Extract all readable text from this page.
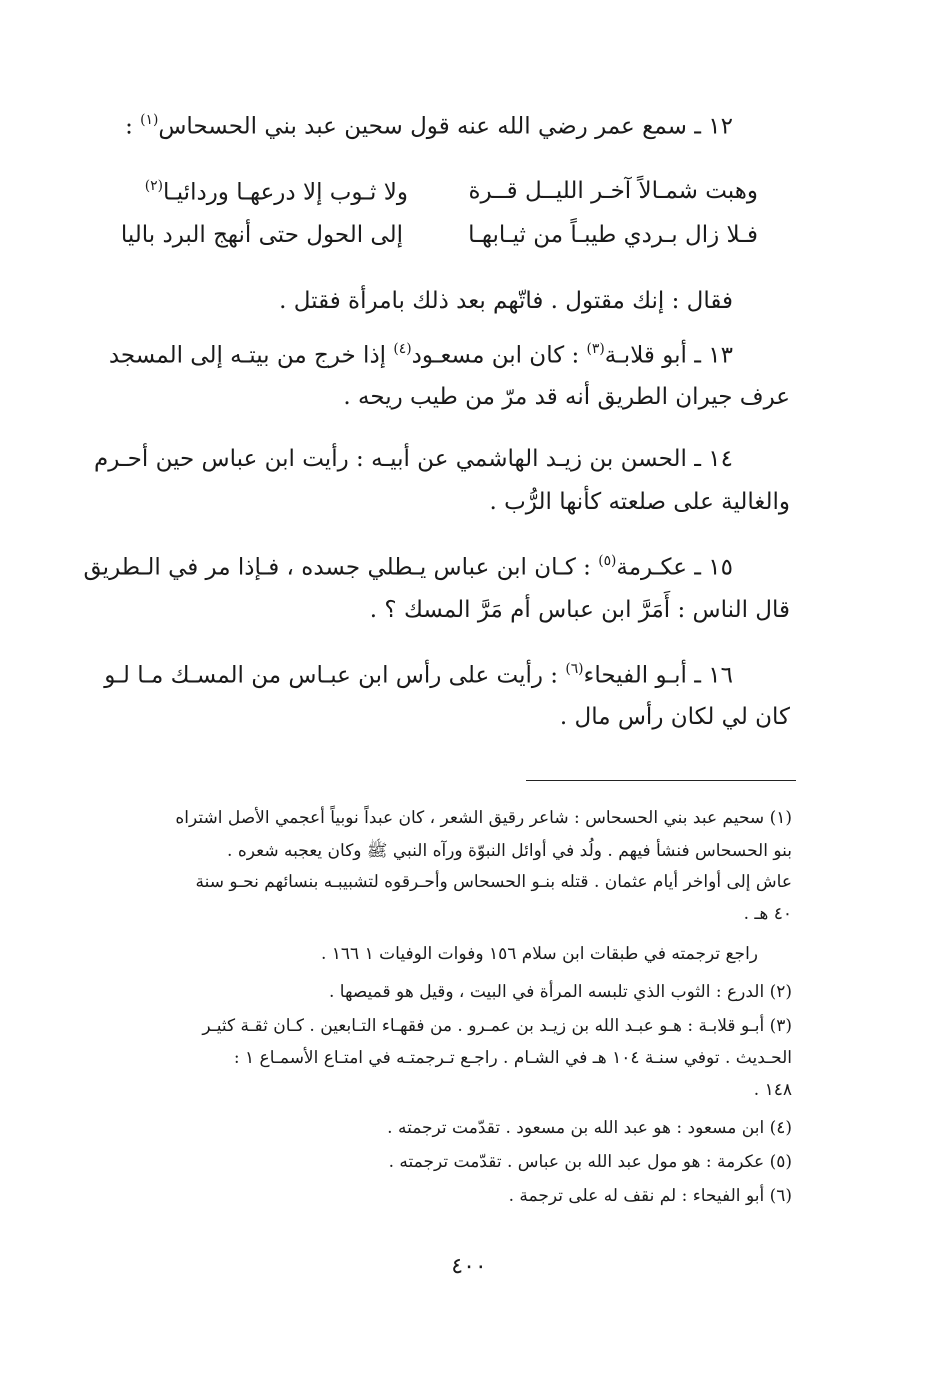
١٢ ـ سمع عمر رضي الله عنه قول سحين عبد بني الحسحاس$^{(١)}$ :
وهبت شمـالاً آخـر الليــل قــرة
ولا ثـوب إلا درعهـا وردائيـا$^{(٢)}$
فـلا زال بـردي طيبـاً من ثيـابهـا
إلى الحول حتى أنهج البرد باليا
فقال : إنك مقتول . فاتّهم بعد ذلك بامرأة فقتل .
١٣ ـ أبو قلابـة$^{(٣)}$ : كان ابن مسعـود$^{(٤)}$ إذا خرج من بيتـه إلى المسجد
عرف جيران الطريق أنه قد مرّ من طيب ريحه .
١٤ ـ الحسن بن زيـد الهاشمي عن أبيـه : رأيت ابن عباس حين أحـرم
والغالية على صلعته كأنها الرُّب .
١٥ ـ عكـرمة$^{(٥)}$ : كـان ابن عباس يـطلي جسده ، فـإذا مر في الـطريق
قال الناس : أَمَرَّ ابن عباس أم مَرَّ المسك ؟ .
١٦ ـ أبـو الفيحاء$^{(٦)}$ : رأيت على رأس ابن عبـاس من المسـك مـا لـو
كان لي لكان رأس مال .
(١) سحيم عبد بني الحسحاس : شاعر رقيق الشعر ، كان عبداً نوبياً أعجمي الأصل اشتراه
بنو الحسحاس فنشأ فيهم . ولُد في أوائل النبوّة ورآه النبي ﷺ وكان يعجبه شعره .
عاش إلى أواخر أيام عثمان . قتله بنـو الحسحاس وأحـرقوه لتشبيبـه بنسائهم نحـو سنة
٤٠ هـ .
راجع ترجمته في طبقات ابن سلام ١٥٦ وفوات الوفيات ١ ١٦٦ .
(٢) الدرع : الثوب الذي تلبسه المرأة في البيت ، وقيل هو قميصها .
(٣) أبـو قلابـة : هـو عبـد الله بن زيـد بن عمـرو . من فقهـاء التـابعين . كـان ثقـة كثيـر
الحـديث . توفي سنـة ١٠٤ هـ في الشـام . راجـع تـرجمتـه في امتـاع الأسمـاع ١ :
١٤٨ .
(٤) ابن مسعود : هو عبد الله بن مسعود . تقدّمت ترجمته .
(٥) عكرمة : هو مول عبد الله بن عباس . تقدّمت ترجمته .
(٦) أبو الفيحاء : لم نقف له على ترجمة .
٤٠٠
